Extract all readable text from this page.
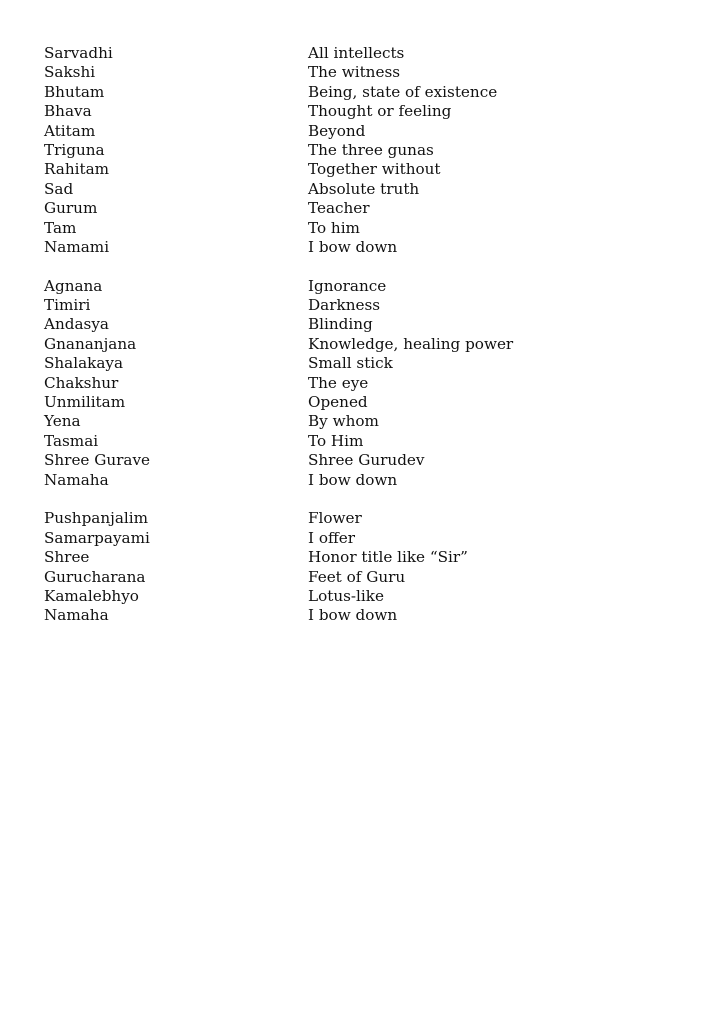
Sarvadhi	All intellects
Sakshi	The witness
Bhutam	Being, state of existence
Bhava	Thought or feeling
Atitam	Beyond
Triguna	The three gunas
Rahitam	Together without
Sad	Absolute truth
Gurum	Teacher
Tam	To him
Namami	I bow down
Agnana	Ignorance
Timiri	Darkness
Andasya	Blinding
Gnananjana	Knowledge, healing power
Shalakaya	Small stick
Chakshur	The eye
Unmilitam	Opened
Yena	By whom
Tasmai	To Him
Shree Gurave	Shree Gurudev
Namaha	I bow down
Pushpanjalim	Flower
Samarpayami	I offer
Shree	Honor title like “Sir”
Gurucharana	Feet of Guru
Kamalebhyo	Lotus-like
Namaha	I bow down
